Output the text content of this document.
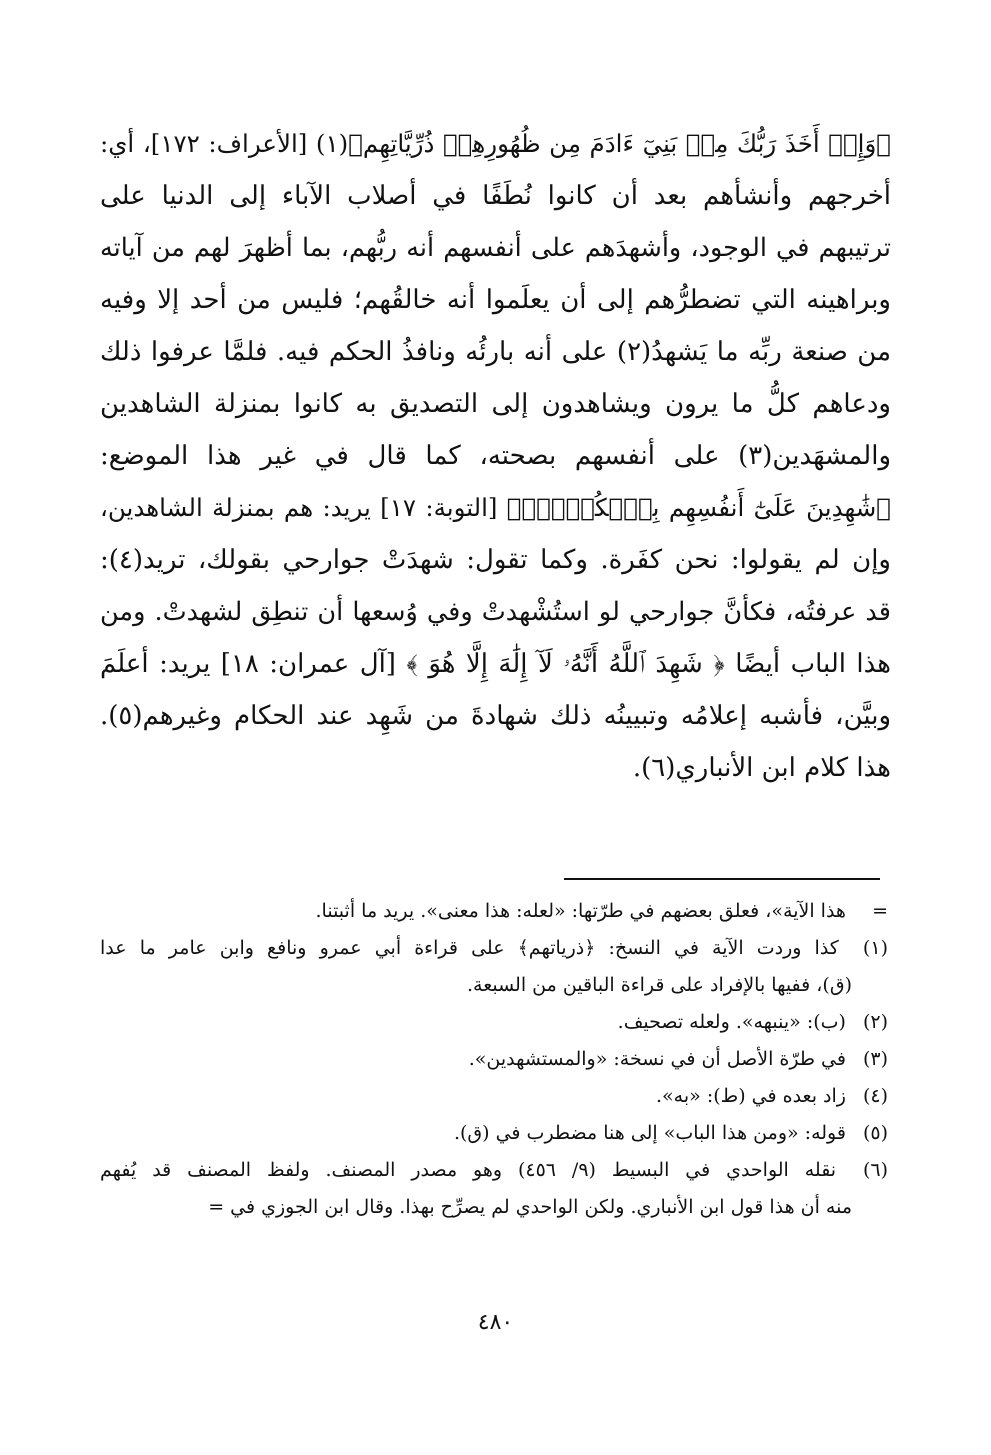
﴿وَإِذۡ أَخَذَ رَبُّكَ مِنۢ بَنِيٓ ءَادَمَ مِن ظُهُورِهِمۡ ذُرِّيَّاتِهِم﴾(١) [الأعراف: ١٧٢]، أي:
أخرجهم وأنشأهم بعد أن كانوا نُطَفًا في أصلاب الآباء إلى الدنيا على
ترتيبهم في الوجود، وأشهدَهم على أنفسهم أنه ربُّهم، بما أظهرَ لهم من آياته
وبراهينه التي تضطرُّهم إلى أن يعلَموا أنه خالقُهم؛ فليس من أحد إلا وفيه
من صنعة ربِّه ما يَشهدُ(٢) على أنه بارئُه ونافذُ الحكم فيه. فلمَّا عرفوا ذلك
ودعاهم كلُّ ما يرون ويشاهدون إلى التصديق به كانوا بمنزلة الشاهدين
والمشهَدين(٣) على أنفسهم بصحته، كما قال في غير هذا الموضع:
﴿شَٰهِدِينَ عَلَىٰٓ أَنفُسِهِم بِٱلۡكُفۡرِۚ﴾ [التوبة: ١٧] يريد: هم بمنزلة الشاهدين،
وإن لم يقولوا: نحن كفَرة. وكما تقول: شهدَتْ جوارحي بقولك، تريد(٤):
قد عرفتُه، فكأنَّ جوارحي لو استُشْهدتْ وفي وُسعها أن تنطِق لشهدتْ. ومن
هذا الباب أيضًا ﴿ شَهِدَ ٱللَّهُ أَنَّهُۥ لَآ إِلَٰهَ إِلَّا هُوَ ﴾ [آل عمران: ١٨] يريد: أعلَمَ
وبيَّن، فأشبه إعلامُه وتبيينُه ذلك شهادةَ من شَهِد عند الحكام وغيرهم(٥).
هذا كلام ابن الأنباري(٦).
= هذا الآية»، فعلق بعضهم في طرّتها: «لعله: هذا معنى». يريد ما أثبتنا.
(١) كذا وردت الآية في النسخ: ﴿ذرياتهم﴾ على قراءة أبي عمرو ونافع وابن عامر ما عدا
(ق)، ففيها بالإفراد على قراءة الباقين من السبعة.
(٢) (ب): «ينبهه». ولعله تصحيف.
(٣) في طرّة الأصل أن في نسخة: «والمستشهدين».
(٤) زاد بعده في (ط): «به».
(٥) قوله: «ومن هذا الباب» إلى هنا مضطرب في (ق).
(٦) نقله الواحدي في البسيط (٩/ ٤٥٦) وهو مصدر المصنف. ولفظ المصنف قد يُفهم
منه أن هذا قول ابن الأنباري. ولكن الواحدي لم يصرِّح بهذا. وقال ابن الجوزي في =
٤٨٠
